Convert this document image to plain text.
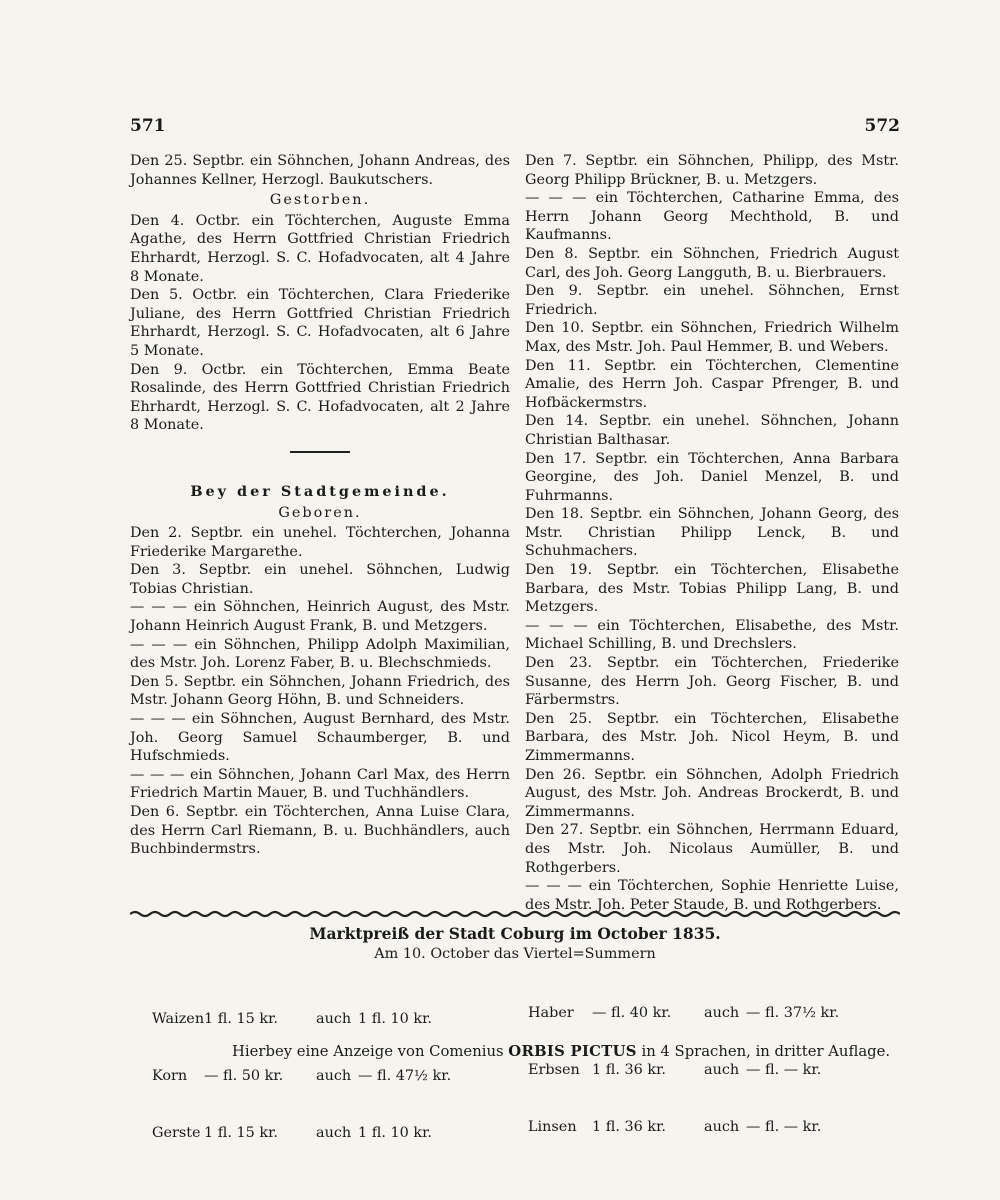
571	572

Den 25. Septbr. ein Söhnchen, Johann Andreas, des Johannes Kellner, Herzogl. Baukutschers.

Gestorben.

Den 4. Octbr. ein Töchterchen, Auguste Emma Agathe, des Herrn Gottfried Christian Friedrich Ehrhardt, Herzogl. S. C. Hofadvocaten, alt 4 Jahre 8 Monate.

Den 5. Octbr. ein Töchterchen, Clara Friederike Juliane, des Herrn Gottfried Christian Friedrich Ehrhardt, Herzogl. S. C. Hofadvocaten, alt 6 Jahre 5 Monate.

Den 9. Octbr. ein Töchterchen, Emma Beate Rosalinde, des Herrn Gottfried Christian Friedrich Ehrhardt, Herzogl. S. C. Hofadvocaten, alt 2 Jahre 8 Monate.

Bey der Stadtgemeinde.
Geboren.

Den 2. Septbr. ein unehel. Töchterchen, Johanna Friederike Margarethe.

Den 3. Septbr. ein unehel. Söhnchen, Ludwig Tobias Christian.

— — — ein Söhnchen, Heinrich August, des Mstr. Johann Heinrich August Frank, B. und Metzgers.

— — — ein Söhnchen, Philipp Adolph Maximilian, des Mstr. Joh. Lorenz Faber, B. u. Blechschmieds.

Den 5. Septbr. ein Söhnchen, Johann Friedrich, des Mstr. Johann Georg Höhn, B. und Schneiders.

— — — ein Söhnchen, August Bernhard, des Mstr. Joh. Georg Samuel Schaumberger, B. und Hufschmieds.

— — — ein Söhnchen, Johann Carl Max, des Herrn Friedrich Martin Mauer, B. und Tuchhändlers.

Den 6. Septbr. ein Töchterchen, Anna Luise Clara, des Herrn Carl Riemann, B. u. Buchhändlers, auch Buchbindermstrs.

Den 7. Septbr. ein Söhnchen, Philipp, des Mstr. Georg Philipp Brückner, B. u. Metzgers.

— — — ein Töchterchen, Catharine Emma, des Herrn Johann Georg Mechthold, B. und Kaufmanns.

Den 8. Septbr. ein Söhnchen, Friedrich August Carl, des Joh. Georg Langguth, B. u. Bierbrauers.

Den 9. Septbr. ein unehel. Söhnchen, Ernst Friedrich.

Den 10. Septbr. ein Söhnchen, Friedrich Wilhelm Max, des Mstr. Joh. Paul Hemmer, B. und Webers.

Den 11. Septbr. ein Töchterchen, Clementine Amalie, des Herrn Joh. Caspar Pfrenger, B. und Hofbäckermstrs.

Den 14. Septbr. ein unehel. Söhnchen, Johann Christian Balthasar.

Den 17. Septbr. ein Töchterchen, Anna Barbara Georgine, des Joh. Daniel Menzel, B. und Fuhrmanns.

Den 18. Septbr. ein Söhnchen, Johann Georg, des Mstr. Christian Philipp Lenck, B. und Schuhmachers.

Den 19. Septbr. ein Töchterchen, Elisabethe Barbara, des Mstr. Tobias Philipp Lang, B. und Metzgers.

— — — ein Töchterchen, Elisabethe, des Mstr. Michael Schilling, B. und Drechslers.

Den 23. Septbr. ein Töchterchen, Friederike Susanne, des Herrn Joh. Georg Fischer, B. und Färbermstrs.

Den 25. Septbr. ein Töchterchen, Elisabethe Barbara, des Mstr. Joh. Nicol Heym, B. und Zimmermanns.

Den 26. Septbr. ein Söhnchen, Adolph Friedrich August, des Mstr. Joh. Andreas Brockerdt, B. und Zimmermanns.

Den 27. Septbr. ein Söhnchen, Herrmann Eduard, des Mstr. Joh. Nicolaus Aumüller, B. und Rothgerbers.

— — — ein Töchterchen, Sophie Henriette Luise, des Mstr. Joh. Peter Staude, B. und Rothgerbers.

Marktpreiß der Stadt Coburg im October 1835.
Am 10. October das Viertel=Summern

Waizen 1 fl. 15 kr.	auch 1 fl. 10 kr.

Korn	— fl. 50 kr.	auch — fl. 47½ kr.

Gerste 1 fl. 15 kr.	auch 1 fl. 10 kr.

Haber	— fl. 40 kr.	auch — fl. 37½ kr.

Erbsen 1 fl. 36 kr.	auch — fl. — kr.

Linsen	1 fl. 36 kr.	auch — fl. — kr.

Hierbey eine Anzeige von Comenius ORBIS PICTUS in 4 Sprachen, in dritter Auflage.
